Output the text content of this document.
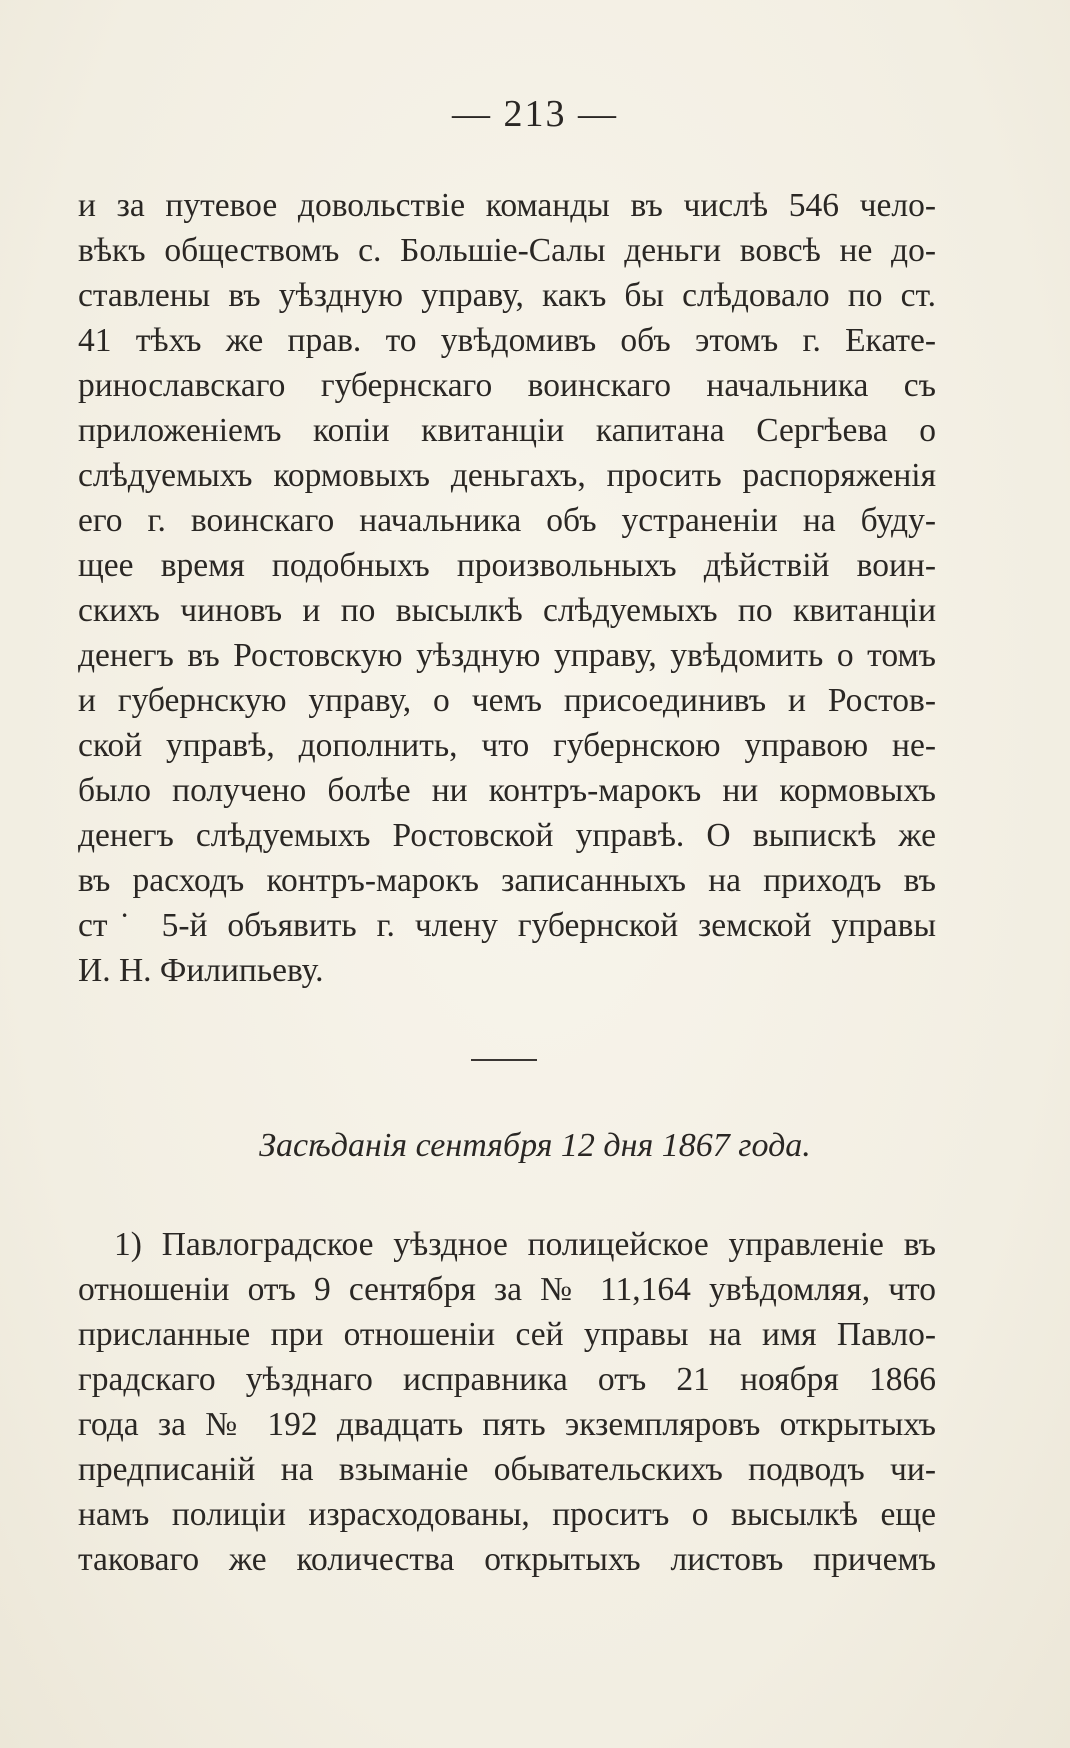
— 213 —
и за путевое довольствіе команды въ числѣ 546 чело-
вѣкъ обществомъ с. Большіе-Салы деньги вовсѣ не до-
ставлены въ уѣздную управу, какъ бы слѣдовало по ст.
41 тѣхъ же прав. то увѣдомивъ объ этомъ г. Екате-
ринославскаго губернскаго воинскаго начальника съ
приложеніемъ копіи квитанціи капитана Сергѣева о
слѣдуемыхъ кормовыхъ деньгахъ, просить распоряженія
его г. воинскаго начальника объ устраненіи на буду-
щее время подобныхъ произвольныхъ дѣйствій воин-
скихъ чиновъ и по высылкѣ слѣдуемыхъ по квитанціи
денегъ въ Ростовскую уѣздную управу, увѣдомить о томъ
и губернскую управу, о чемъ присоединивъ и Ростов-
ской управѣ, дополнить, что губернскою управою не-
было получено болѣе ни контръ-марокъ ни кормовыхъ
денегъ слѣдуемыхъ Ростовской управѣ. О выпискѣ же
въ расходъ контръ-марокъ записанныхъ на приходъ въ
ст˙ 5-й объявить г. члену губернской земской управы
И. Н. Филипьеву.
Засѣданія сентября 12 дня 1867 года.
1) Павлоградское уѣздное полицейское управленіе въ
отношеніи отъ 9 сентября за № 11,164 увѣдомляя, что
присланные при отношеніи сей управы на имя Павло-
градскаго уѣзднаго исправника отъ 21 ноября 1866
года за № 192 двадцать пять экземпляровъ открытыхъ
предписаній на взыманіе обывательскихъ подводъ чи-
намъ полиціи израсходованы, проситъ о высылкѣ еще
таковаго же количества открытыхъ листовъ причемъ
